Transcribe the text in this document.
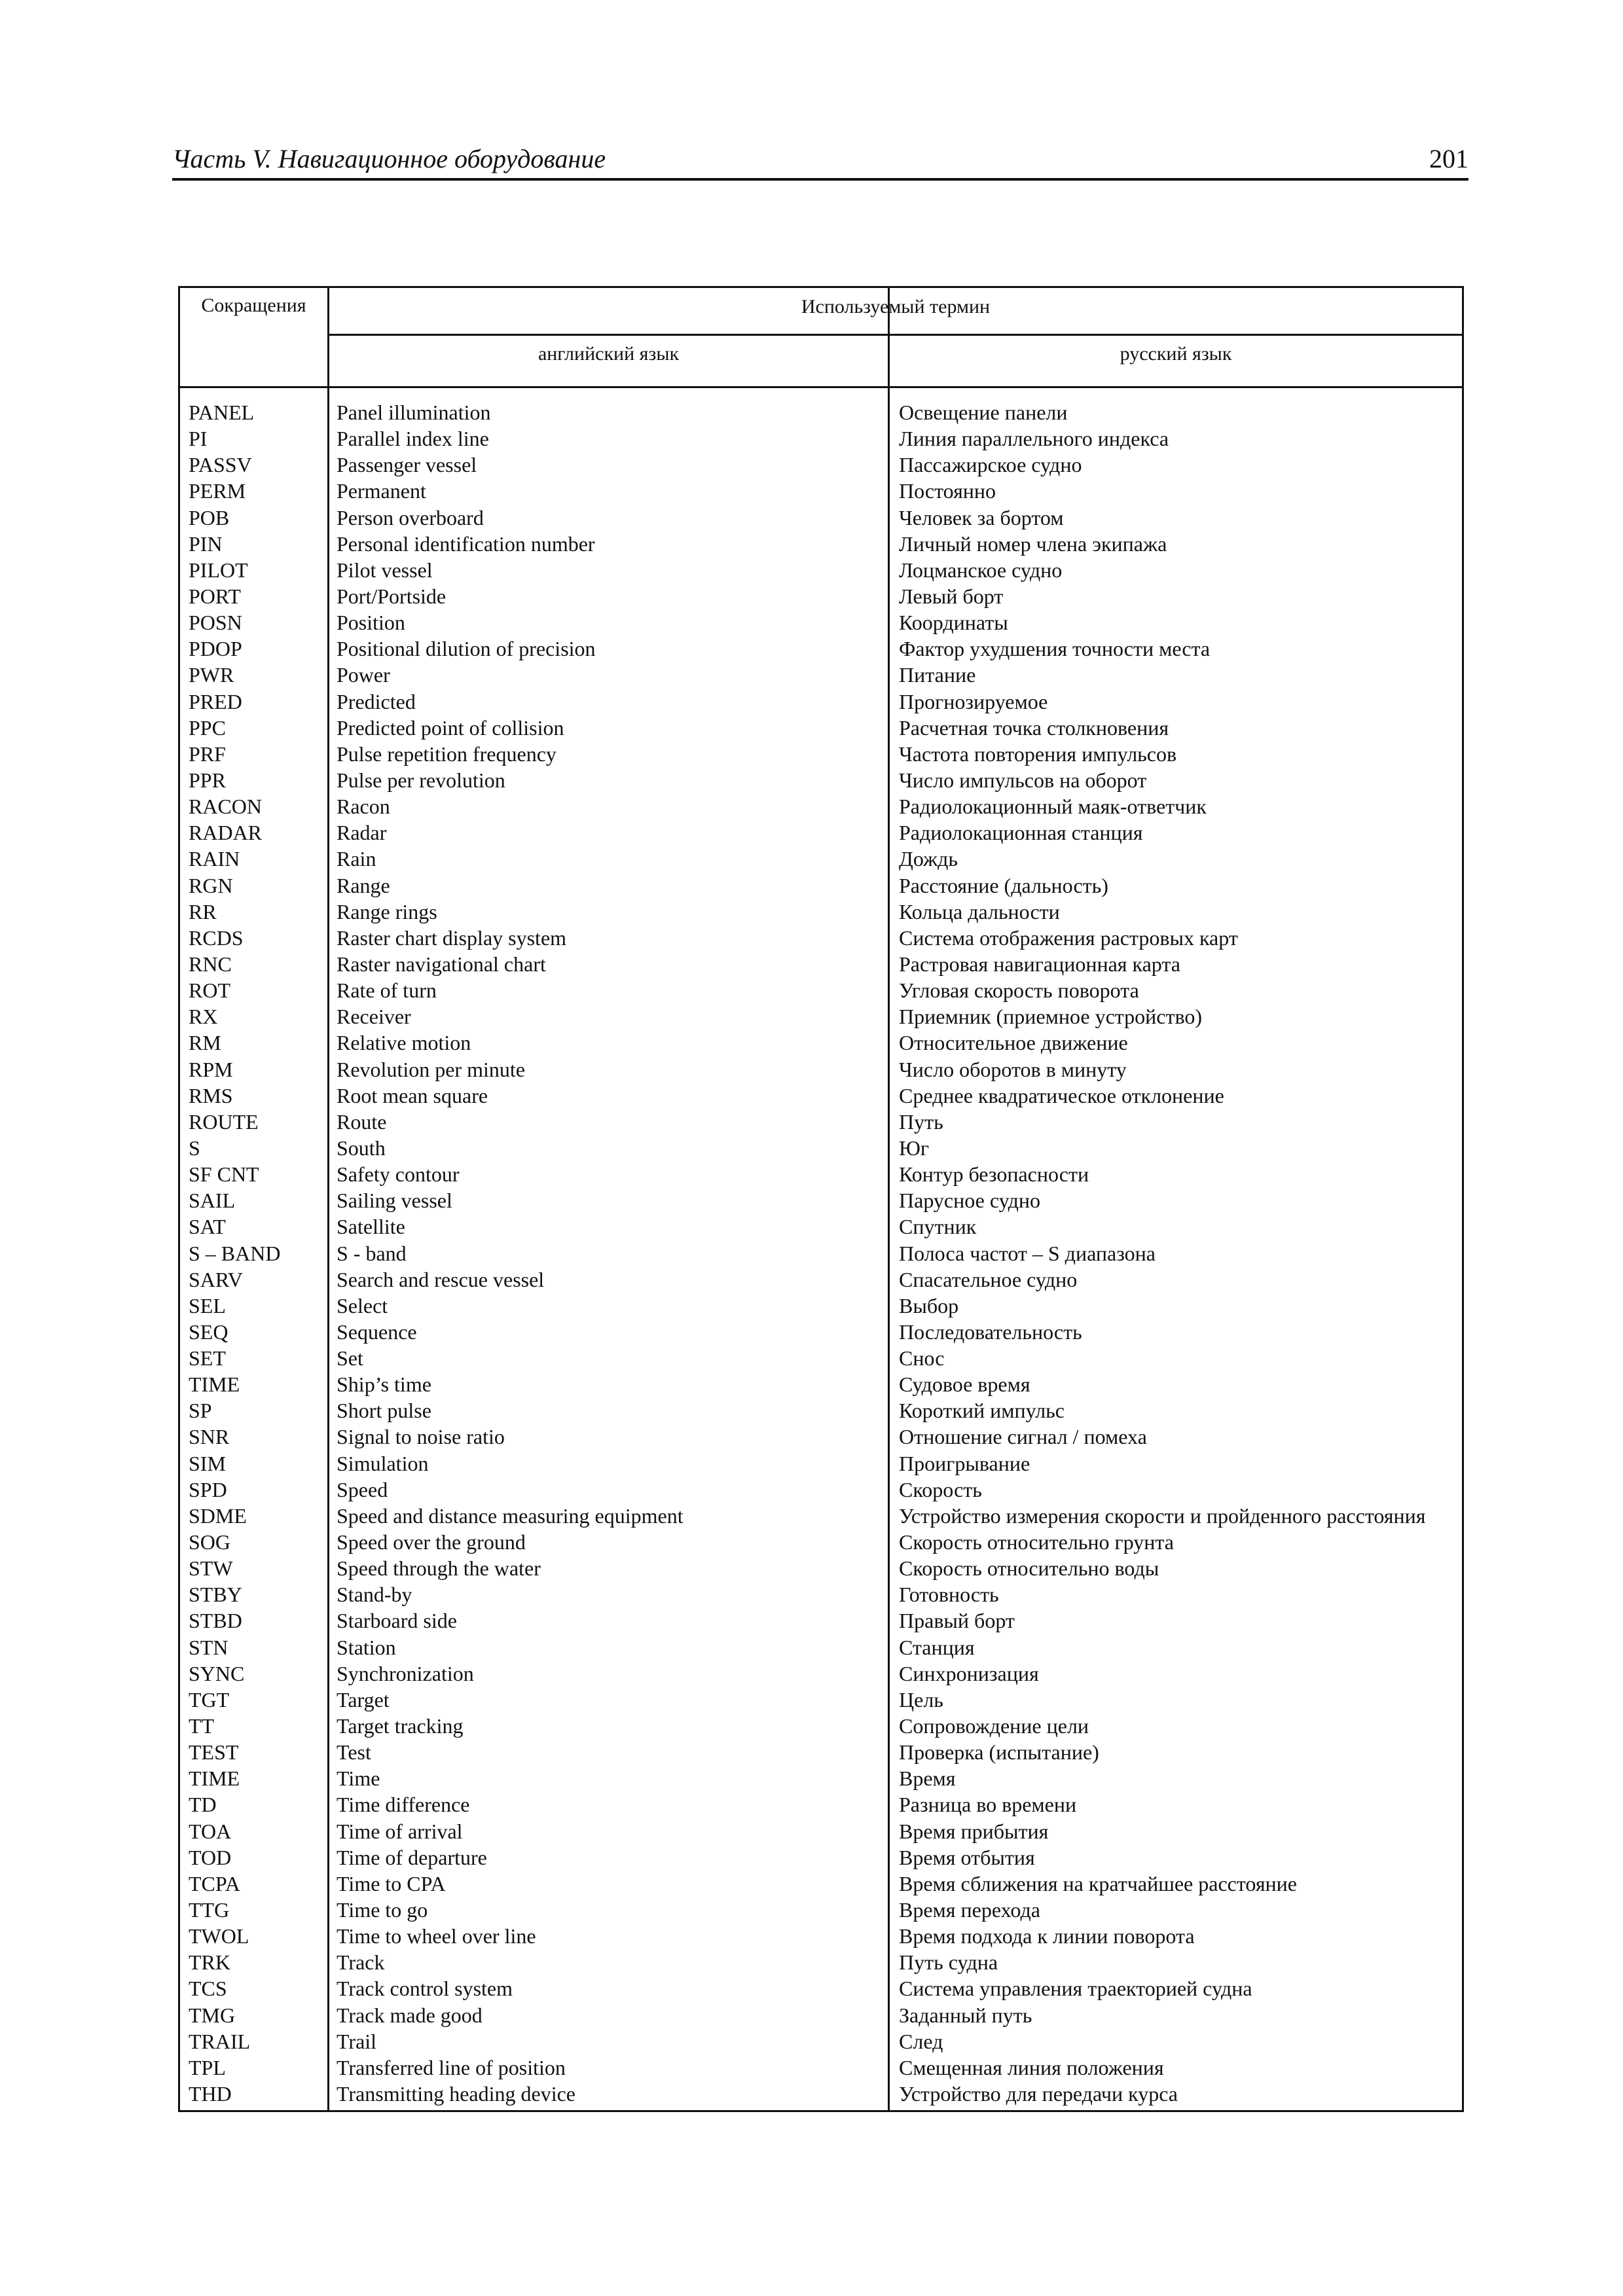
Часть V. Навигационное оборудование	201
Сокращения	Используемый термин
английский язык	русский язык
PANEL	Panel illumination	Освещение панели
PI	Parallel index line	Линия параллельного индекса
PASSV	Passenger vessel	Пассажирское судно
PERM	Permanent	Постоянно
POB	Person overboard	Человек за бортом
PIN	Personal identification number	Личный номер члена экипажа
PILOT	Pilot vessel	Лоцманское судно
PORT	Port/Portside	Левый борт
POSN	Position	Координаты
PDOP	Positional dilution of precision	Фактор ухудшения точности места
PWR	Power	Питание
PRED	Predicted	Прогнозируемое
PPC	Predicted point of collision	Расчетная точка столкновения
PRF	Pulse repetition frequency	Частота повторения импульсов
PPR	Pulse per revolution	Число импульсов на оборот
RACON	Racon	Радиолокационный маяк-ответчик
RADAR	Radar	Радиолокационная станция
RAIN	Rain	Дождь
RGN	Range	Расстояние (дальность)
RR	Range rings	Кольца дальности
RCDS	Raster chart display system	Система отображения растровых карт
RNC	Raster navigational chart	Растровая навигационная карта
ROT	Rate of turn	Угловая скорость поворота
RX	Receiver	Приемник (приемное устройство)
RM	Relative motion	Относительное движение
RPM	Revolution per minute	Число оборотов в минуту
RMS	Root mean square	Среднее квадратическое отклонение
ROUTE	Route	Путь
S	South	Юг
SF CNT	Safety contour	Контур безопасности
SAIL	Sailing vessel	Парусное судно
SAT	Satellite	Спутник
S – BAND	S - band	Полоса частот – S диапазона
SARV	Search and rescue vessel	Спасательное судно
SEL	Select	Выбор
SEQ	Sequence	Последовательность
SET	Set	Снос
TIME	Ship’s time	Судовое время
SP	Short pulse	Короткий импульс
SNR	Signal to noise ratio	Отношение сигнал / помеха
SIM	Simulation	Проигрывание
SPD	Speed	Скорость
SDME	Speed and distance measuring equipment	Устройство измерения скорости и пройденного расстояния
SOG	Speed over the ground	Скорость относительно грунта
STW	Speed through the water	Скорость относительно воды
STBY	Stand-by	Готовность
STBD	Starboard side	Правый борт
STN	Station	Станция
SYNC	Synchronization	Синхронизация
TGT	Target	Цель
TT	Target tracking	Сопровождение цели
TEST	Test	Проверка (испытание)
TIME	Time	Время
TD	Time difference	Разница во времени
TOA	Time of arrival	Время прибытия
TOD	Time of departure	Время отбытия
TCPA	Time to CPA	Время сближения на кратчайшее расстояние
TTG	Time to go	Время перехода
TWOL	Time to wheel over line	Время подхода к линии поворота
TRK	Track	Путь судна
TCS	Track control system	Система управления траекторией судна
TMG	Track made good	Заданный путь
TRAIL	Trail	След
TPL	Transferred line of position	Смещенная линия положения
THD	Transmitting heading device	Устройство для передачи курса
